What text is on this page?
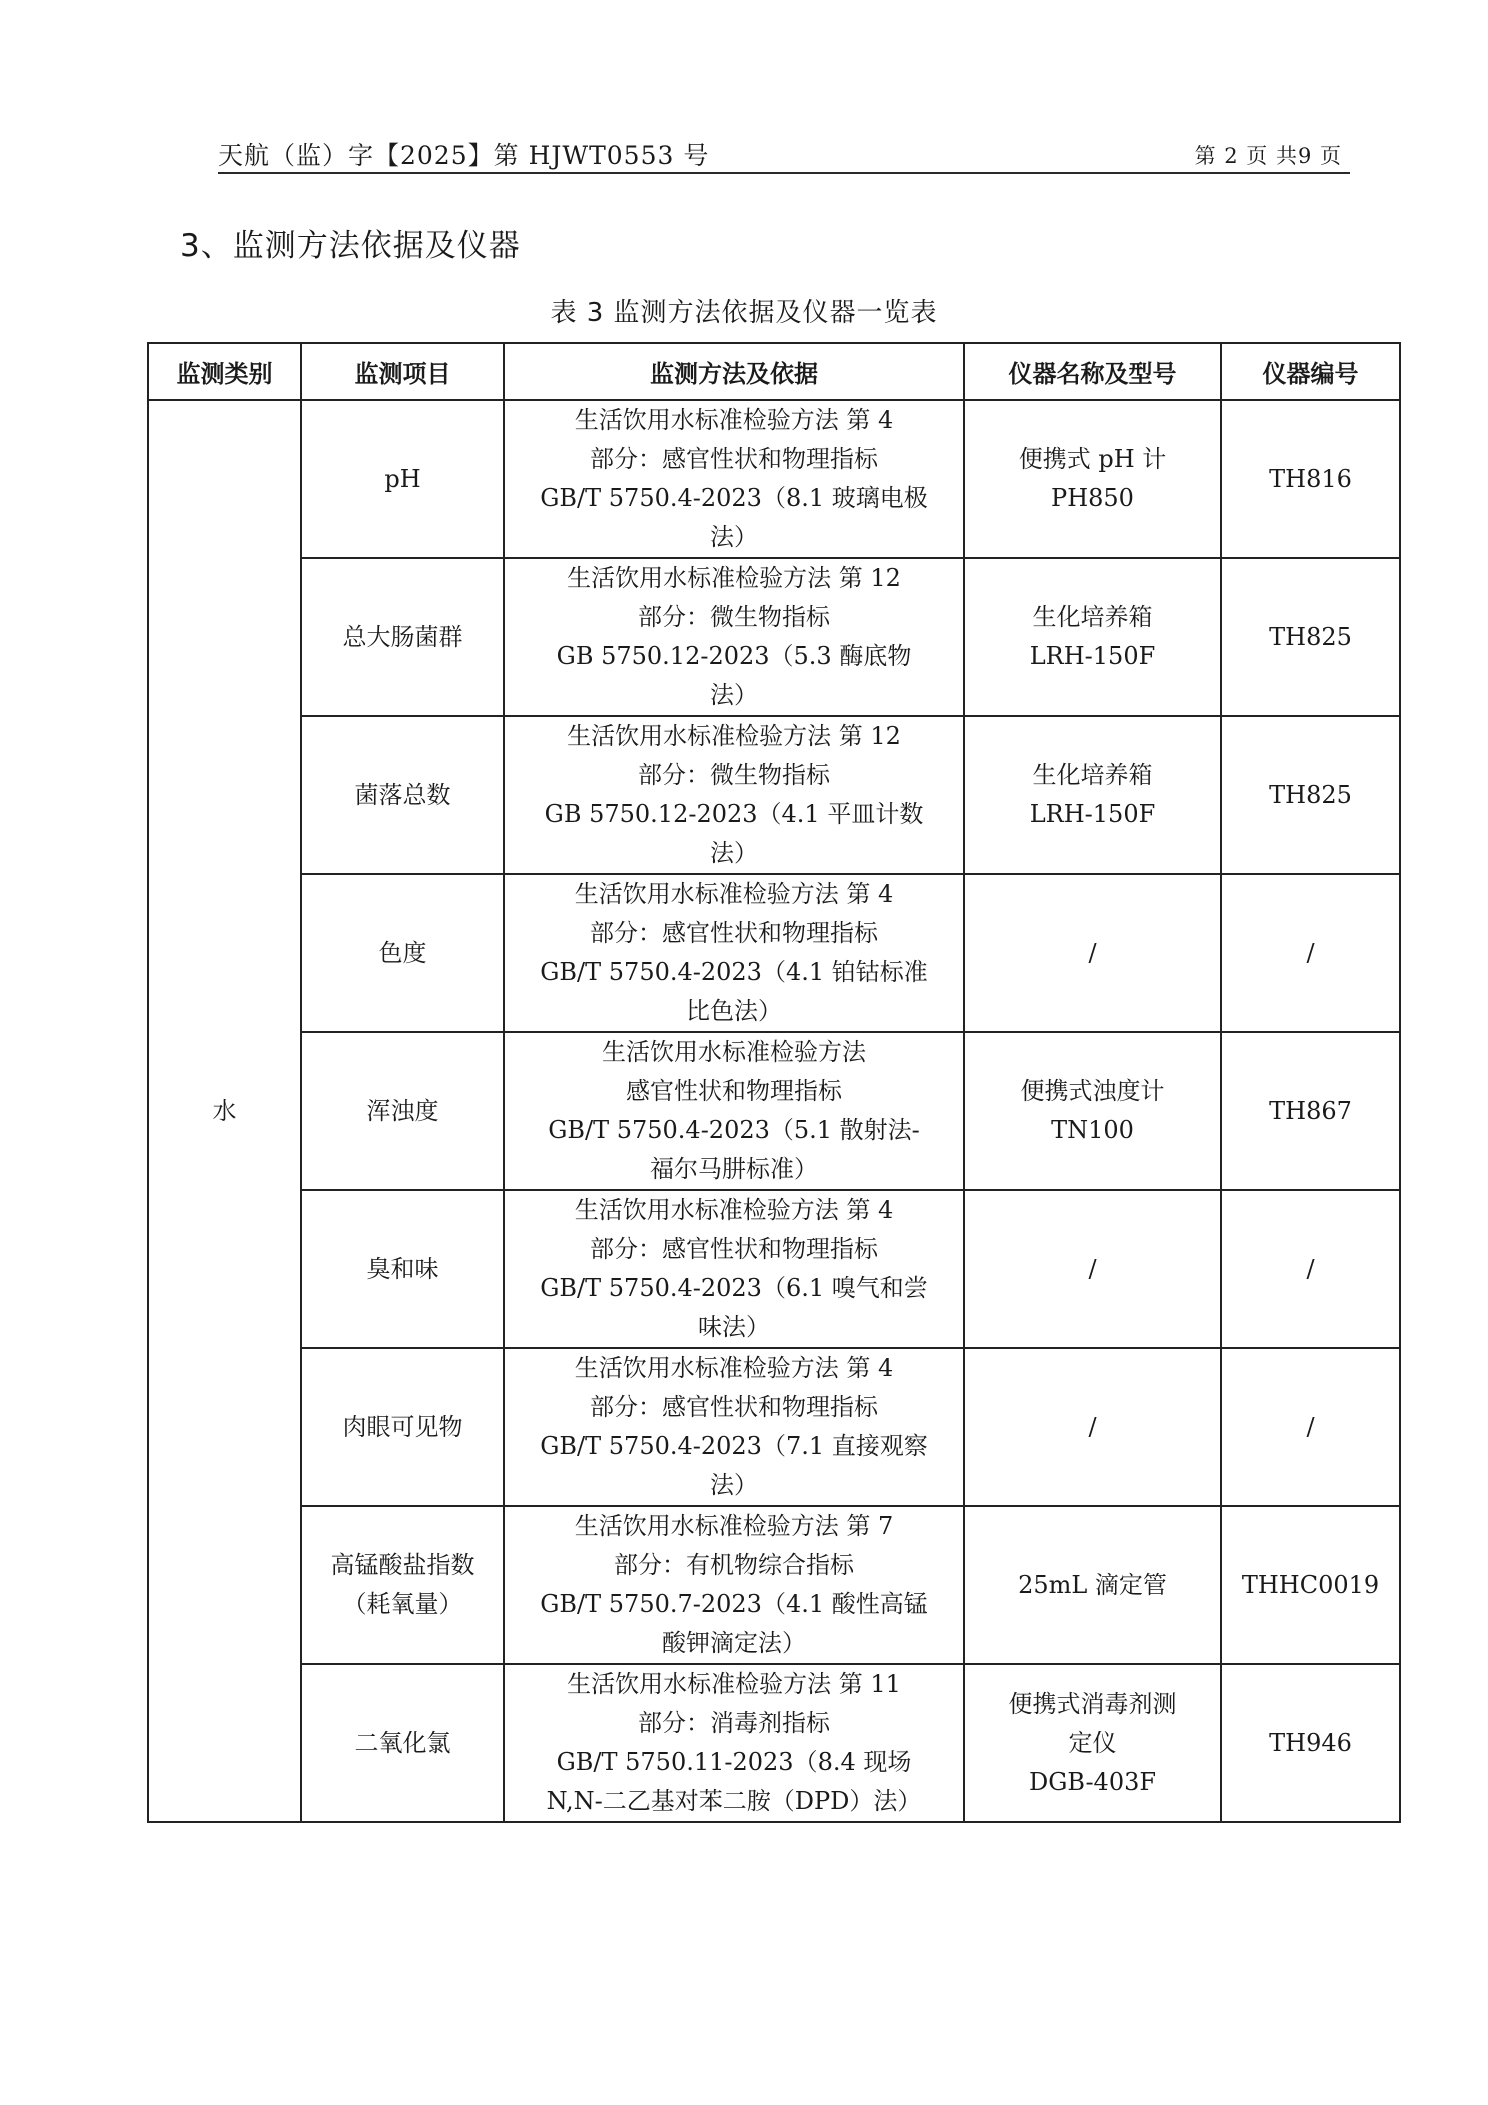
天航（监）字【2025】第 HJWT0553 号	第 2 页 共9 页
3、监测方法依据及仪器
表 3 监测方法依据及仪器一览表
监测类别	监测项目	监测方法及依据	仪器名称及型号	仪器编号
水	pH	生活饮用水标准检验方法 第 4
部分：感官性状和物理指标
GB/T 5750.4-2023（8.1 玻璃电极
法）	便携式 pH 计
PH850	TH816
	总大肠菌群	生活饮用水标准检验方法 第 12
部分：微生物指标
GB 5750.12-2023（5.3 酶底物
法）	生化培养箱
LRH-150F	TH825
	菌落总数	生活饮用水标准检验方法 第 12
部分：微生物指标
GB 5750.12-2023（4.1 平皿计数
法）	生化培养箱
LRH-150F	TH825
	色度	生活饮用水标准检验方法 第 4
部分：感官性状和物理指标
GB/T 5750.4-2023（4.1 铂钴标准
比色法）	/	/
	浑浊度	生活饮用水标准检验方法
感官性状和物理指标
GB/T 5750.4-2023（5.1 散射法-
福尔马肼标准）	便携式浊度计
TN100	TH867
	臭和味	生活饮用水标准检验方法 第 4
部分：感官性状和物理指标
GB/T 5750.4-2023（6.1 嗅气和尝
味法）	/	/
	肉眼可见物	生活饮用水标准检验方法 第 4
部分：感官性状和物理指标
GB/T 5750.4-2023（7.1 直接观察
法）	/	/
	高锰酸盐指数
（耗氧量）	生活饮用水标准检验方法 第 7
部分：有机物综合指标
GB/T 5750.7-2023（4.1 酸性高锰
酸钾滴定法）	25mL 滴定管	THHC0019
	二氧化氯	生活饮用水标准检验方法 第 11
部分：消毒剂指标
GB/T 5750.11-2023（8.4 现场
N,N-二乙基对苯二胺（DPD）法）	便携式消毒剂测
定仪
DGB-403F	TH946
